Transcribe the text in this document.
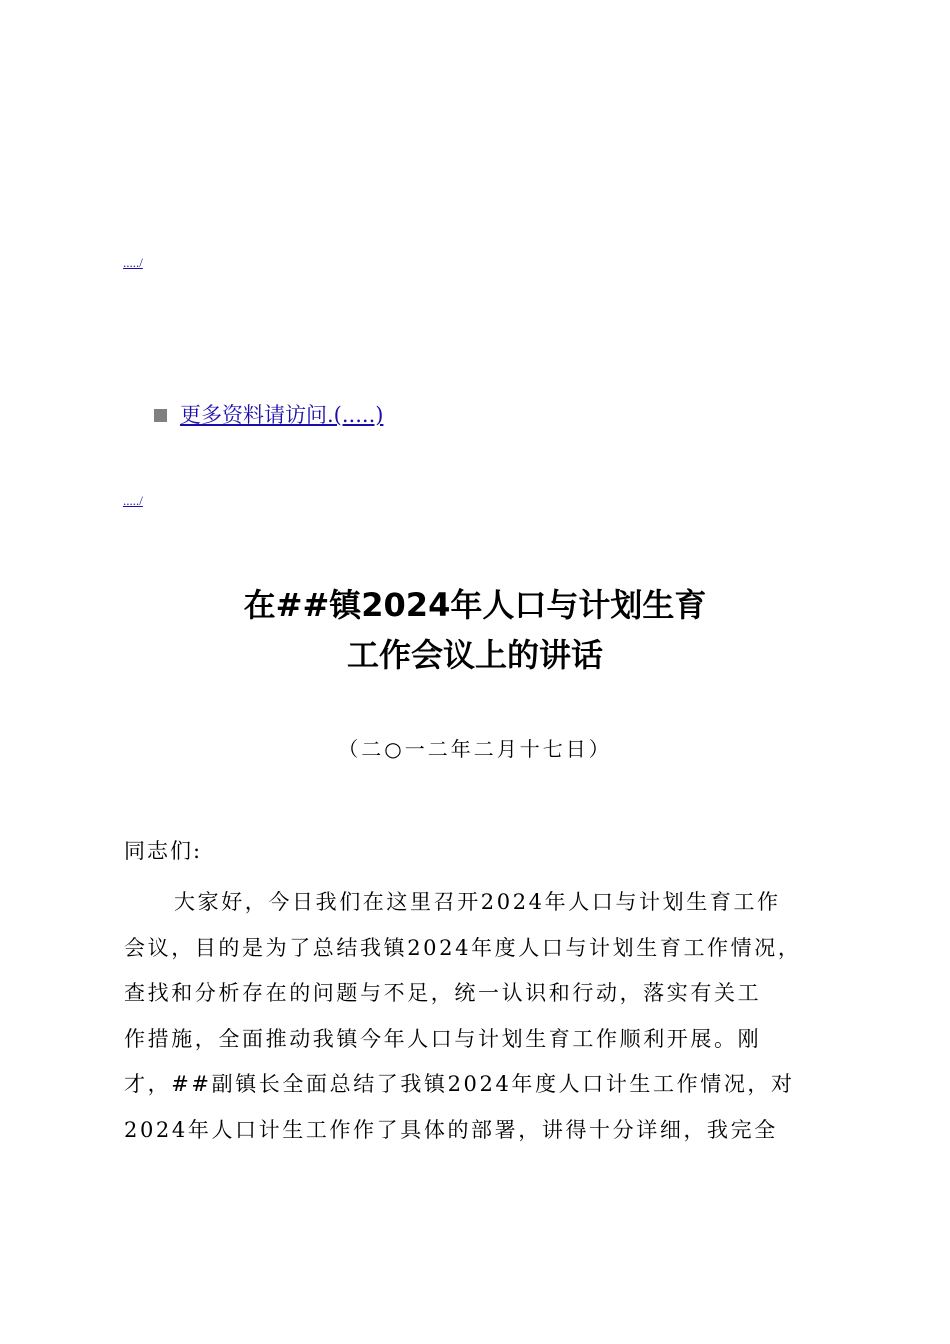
...../
更多资料请访问.(.....)
...../
在##镇2024年人口与计划生育
工作会议上的讲话
（二○一二年二月十七日）
同志们:
大家好，今日我们在这里召开2024年人口与计划生育工作
会议，目的是为了总结我镇2024年度人口与计划生育工作情况，
查找和分析存在的问题与不足，统一认识和行动，落实有关工
作措施，全面推动我镇今年人口与计划生育工作顺利开展。刚
才，##副镇长全面总结了我镇2024年度人口计生工作情况，对
2024年人口计生工作作了具体的部署，讲得十分详细，我完全
